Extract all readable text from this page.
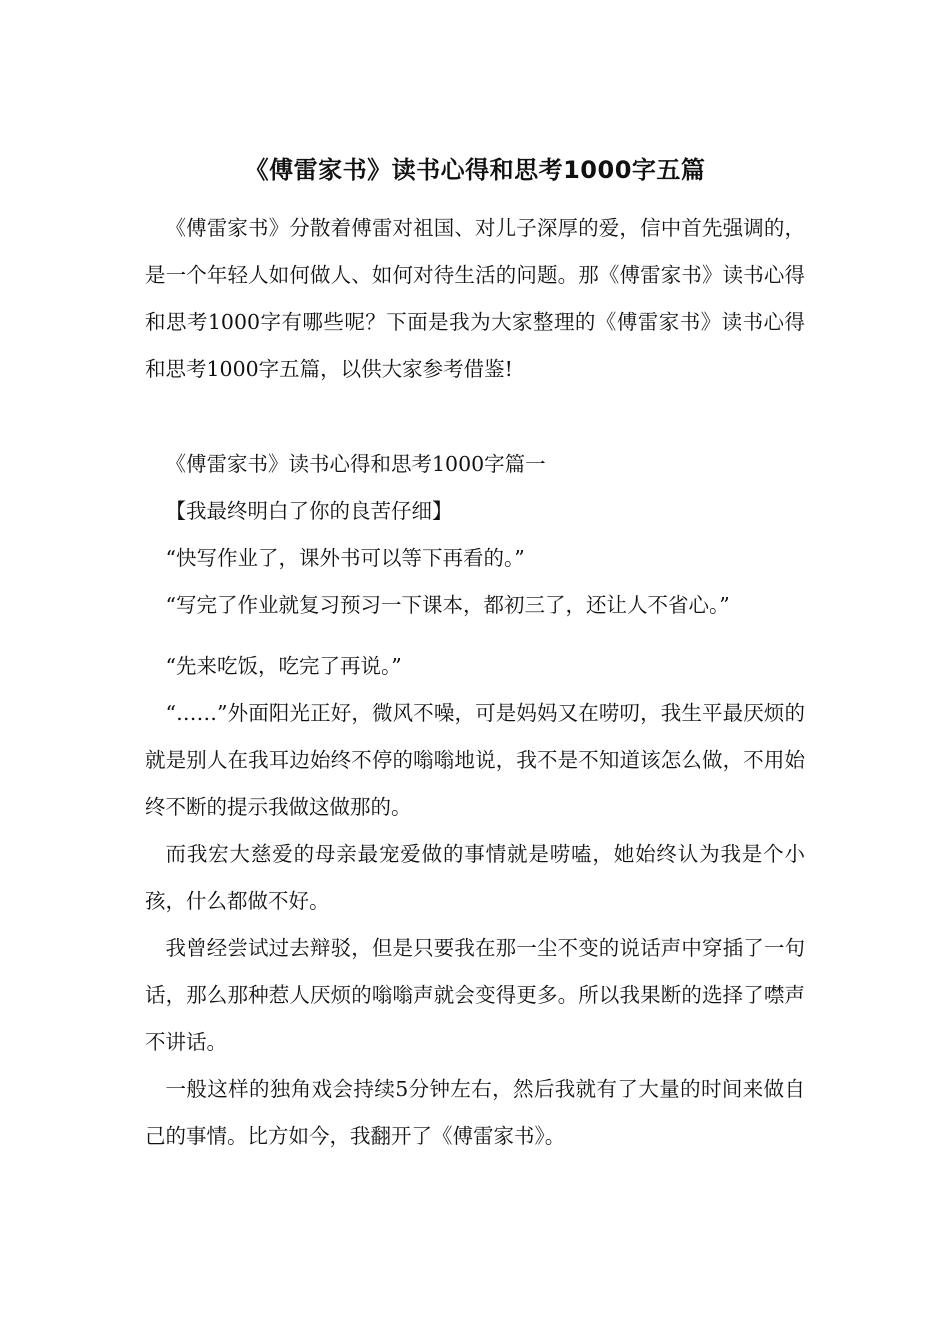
《傅雷家书》读书心得和思考1000字五篇

《傅雷家书》分散着傅雷对祖国、对儿子深厚的爱，信中首先强调的，是一个年轻人如何做人、如何对待生活的问题。那《傅雷家书》读书心得和思考1000字有哪些呢？下面是我为大家整理的《傅雷家书》读书心得和思考1000字五篇，以供大家参考借鉴!

《傅雷家书》读书心得和思考1000字篇一

【我最终明白了你的良苦仔细】

“快写作业了，课外书可以等下再看的。”

“写完了作业就复习预习一下课本，都初三了，还让人不省心。”

“先来吃饭，吃完了再说。”

“……”外面阳光正好，微风不噪，可是妈妈又在唠叨，我生平最厌烦的就是别人在我耳边始终不停的嗡嗡地说，我不是不知道该怎么做，不用始终不断的提示我做这做那的。

而我宏大慈爱的母亲最宠爱做的事情就是唠嗑，她始终认为我是个小孩，什么都做不好。

我曾经尝试过去辩驳，但是只要我在那一尘不变的说话声中穿插了一句话，那么那种惹人厌烦的嗡嗡声就会变得更多。所以我果断的选择了噤声不讲话。

一般这样的独角戏会持续5分钟左右，然后我就有了大量的时间来做自己的事情。比方如今，我翻开了《傅雷家书》。
